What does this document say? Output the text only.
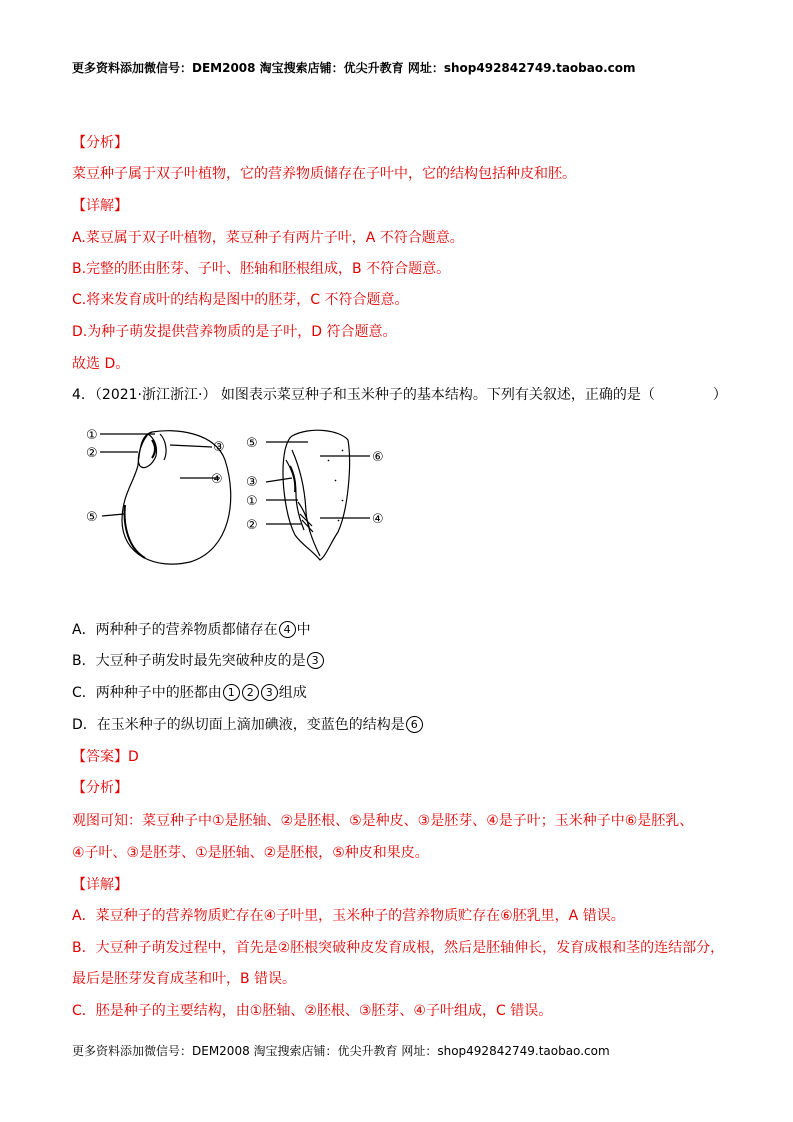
更多资料添加微信号：DEM2008 淘宝搜索店铺：优尖升教育 网址：shop492842749.taobao.com
【分析】
菜豆种子属于双子叶植物，它的营养物质储存在子叶中，它的结构包括种皮和胚。
【详解】
A.菜豆属于双子叶植物，菜豆种子有两片子叶，A 不符合题意。
B.完整的胚由胚芽、子叶、胚轴和胚根组成，B 不符合题意。
C.将来发育成叶的结构是图中的胚芽，C 不符合题意。
D.为种子萌发提供营养物质的是子叶，D 符合题意。
故选 D。
4．（2021·浙江浙江·） 如图表示菜豆种子和玉米种子的基本结构。下列有关叙述，正确的是（	）
①
②	③
④
⑤
⑤
⑥
③
①
②	④
A．两种种子的营养物质都储存在 4 中
B．大豆种子萌发时最先突破种皮的是 3
C．两种种子中的胚都由 1 2 3 组成
D．在玉米种子的纵切面上滴加碘液，变蓝色的结构是 6
【答案】D
【分析】
观图可知：菜豆种子中①是胚轴、②是胚根、⑤是种皮、③是胚芽、④是子叶；玉米种子中⑥是胚乳、
④子叶、③是胚芽、①是胚轴、②是胚根，⑤种皮和果皮。
【详解】
A．菜豆种子的营养物质贮存在④子叶里，玉米种子的营养物质贮存在⑥胚乳里，A 错误。
B．大豆种子萌发过程中，首先是②胚根突破种皮发育成根，然后是胚轴伸长，发育成根和茎的连结部分，
最后是胚芽发育成茎和叶，B 错误。
C．胚是种子的主要结构，由①胚轴、②胚根、③胚芽、④子叶组成，C 错误。
更多资料添加微信号：DEM2008 淘宝搜索店铺：优尖升教育 网址：shop492842749.taobao.com
